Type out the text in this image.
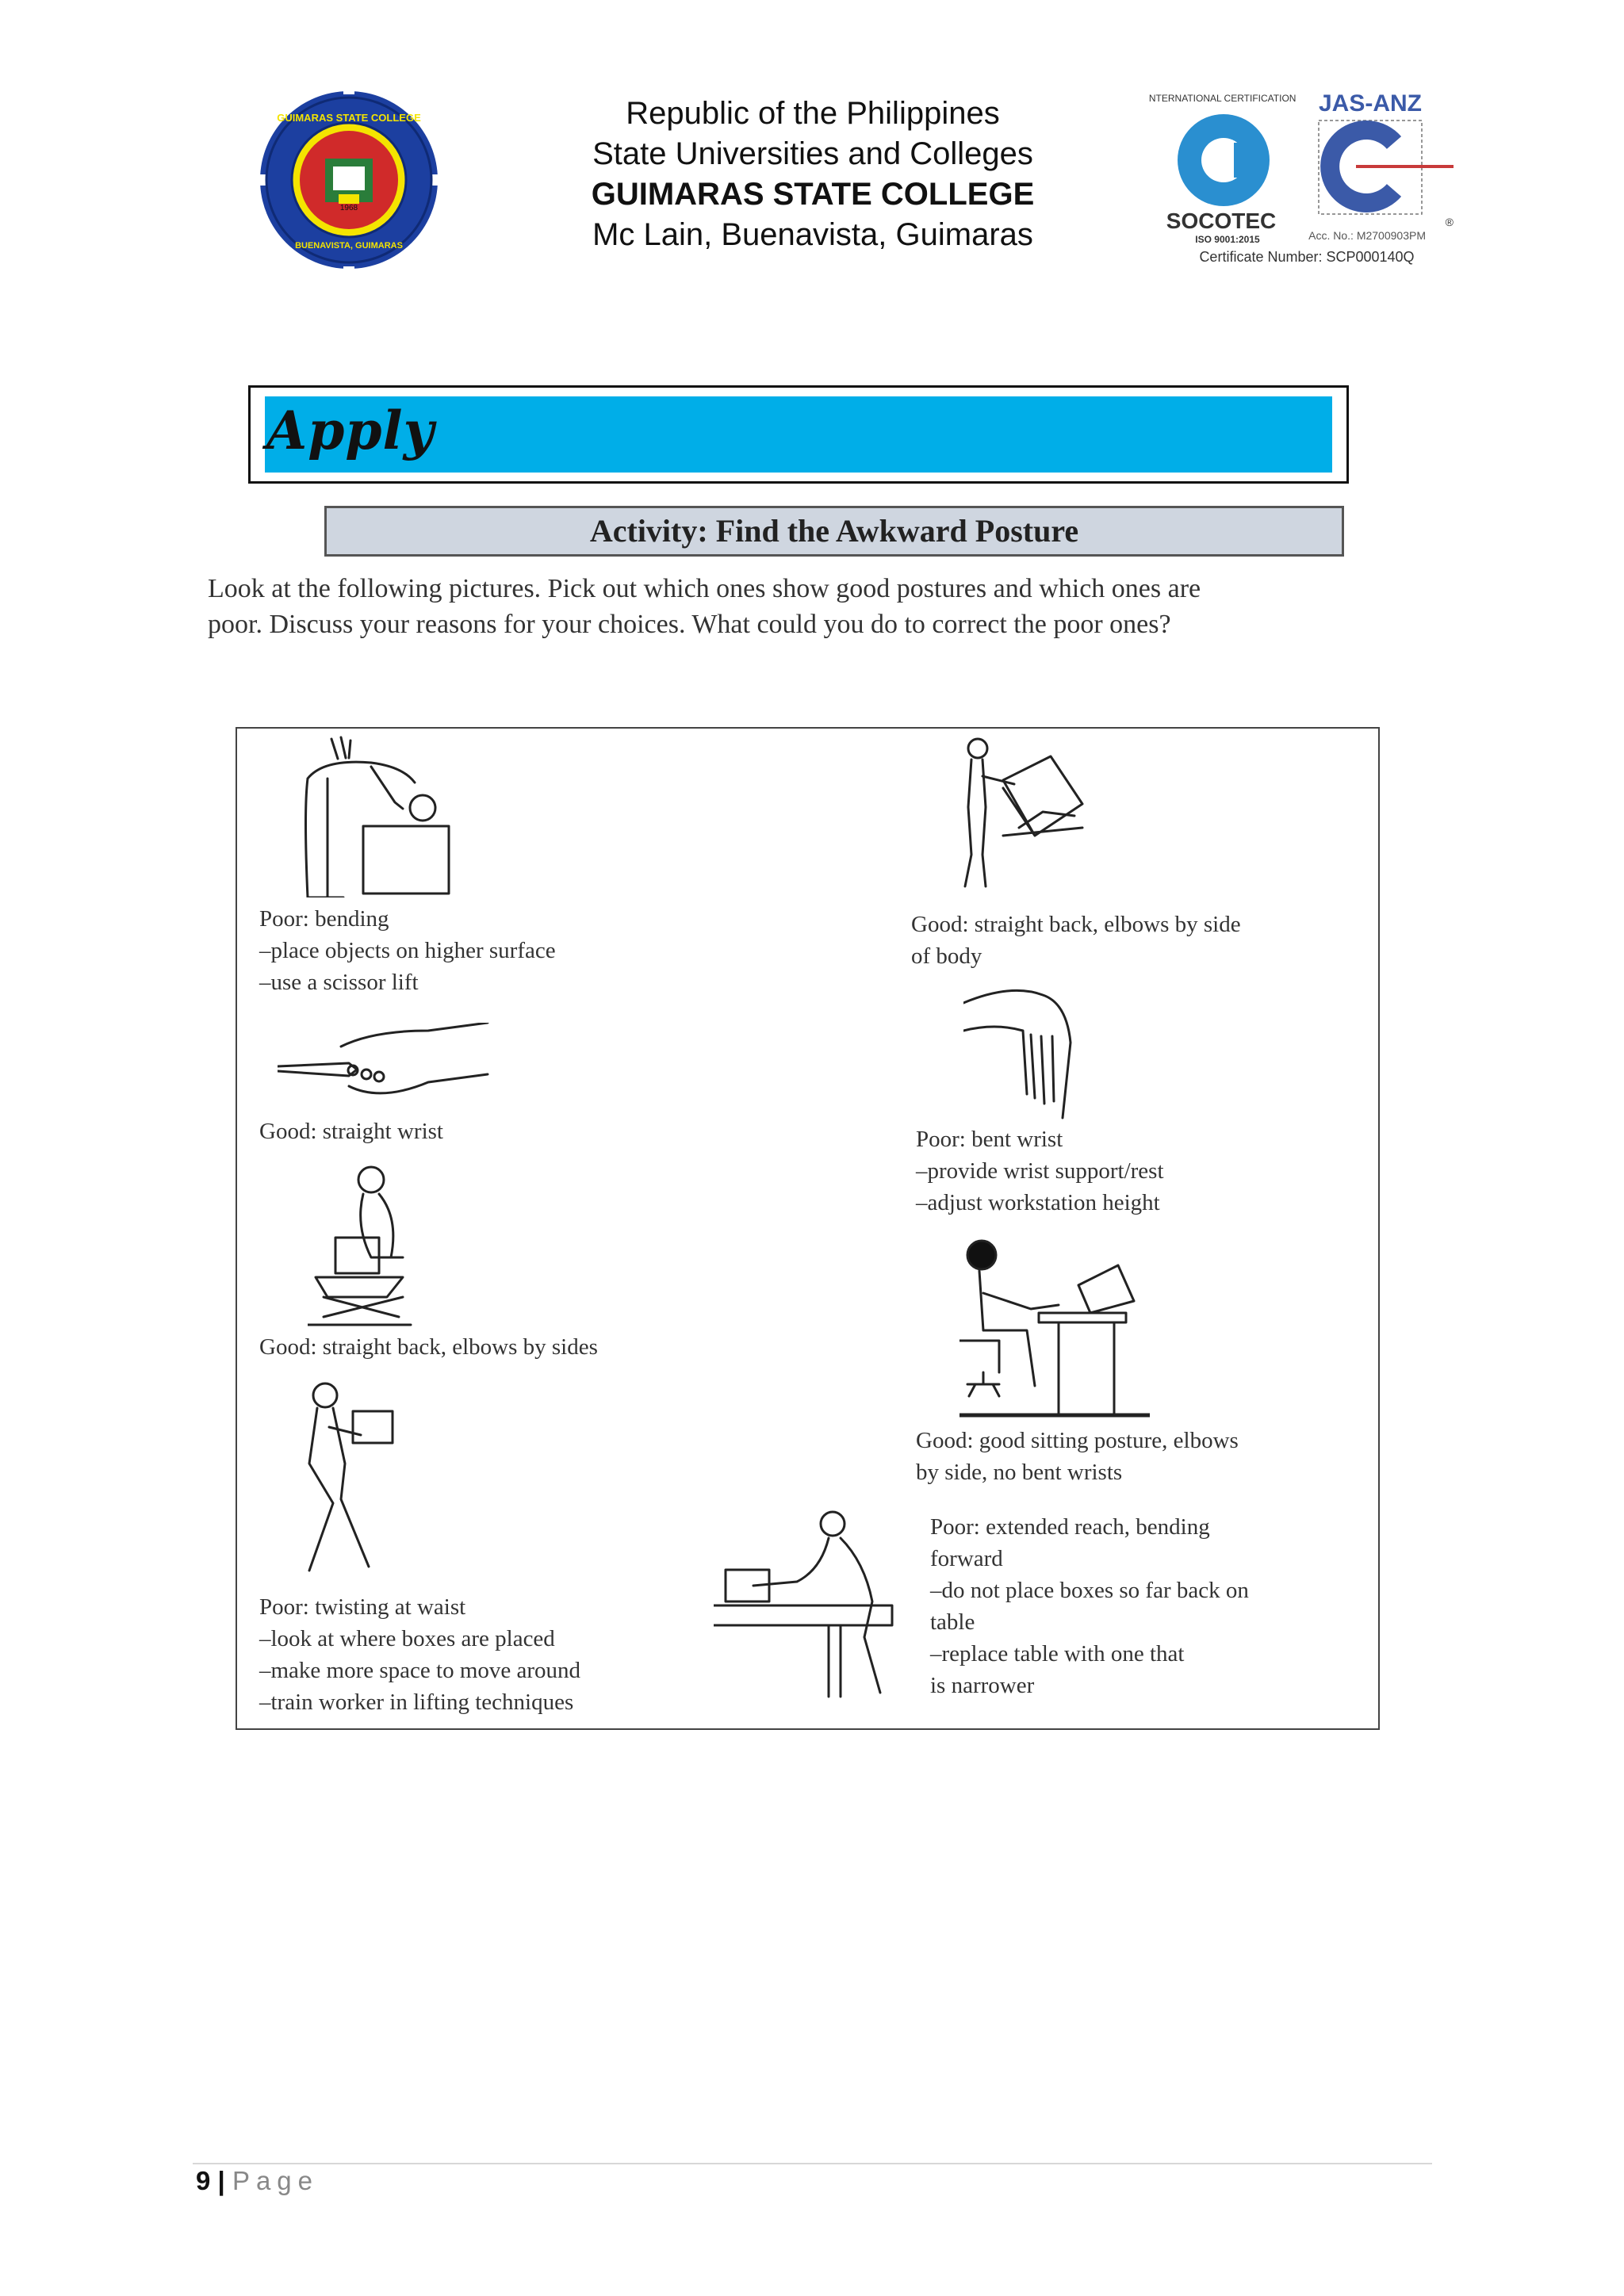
1968
GUIMARAS STATE COLLEGE
BUENAVISTA, GUIMARAS
Republic of the Philippines
State Universities and Colleges
GUIMARAS STATE COLLEGE
Mc Lain, Buenavista, Guimaras
INTERNATIONAL CERTIFICATION
SOCOTEC
ISO 9001:2015
JAS-ANZ
®
Acc. No.: M2700903PM
Certificate Number: SCP000140Q
Apply
Activity: Find the Awkward Posture
Look at the following pictures. Pick out which ones show good postures and which ones are
poor. Discuss your reasons for your choices. What could you do to correct the poor ones?
Poor: bending
–place objects on higher surface
–use a scissor lift
Good: straight back, elbows by side
of body
Good: straight wrist	Poor: bent wrist
–provide wrist support/rest
–adjust workstation height
Good: straight back, elbows by sides
Good: good sitting posture, elbows
by side, no bent wrists
Poor: twisting at waist
–look at where boxes are placed
–make more space to move around
–train worker in lifting techniques
Poor: extended reach, bending
forward
–do not place boxes so far back on
table
–replace table with one that
is narrower
9 | Page
